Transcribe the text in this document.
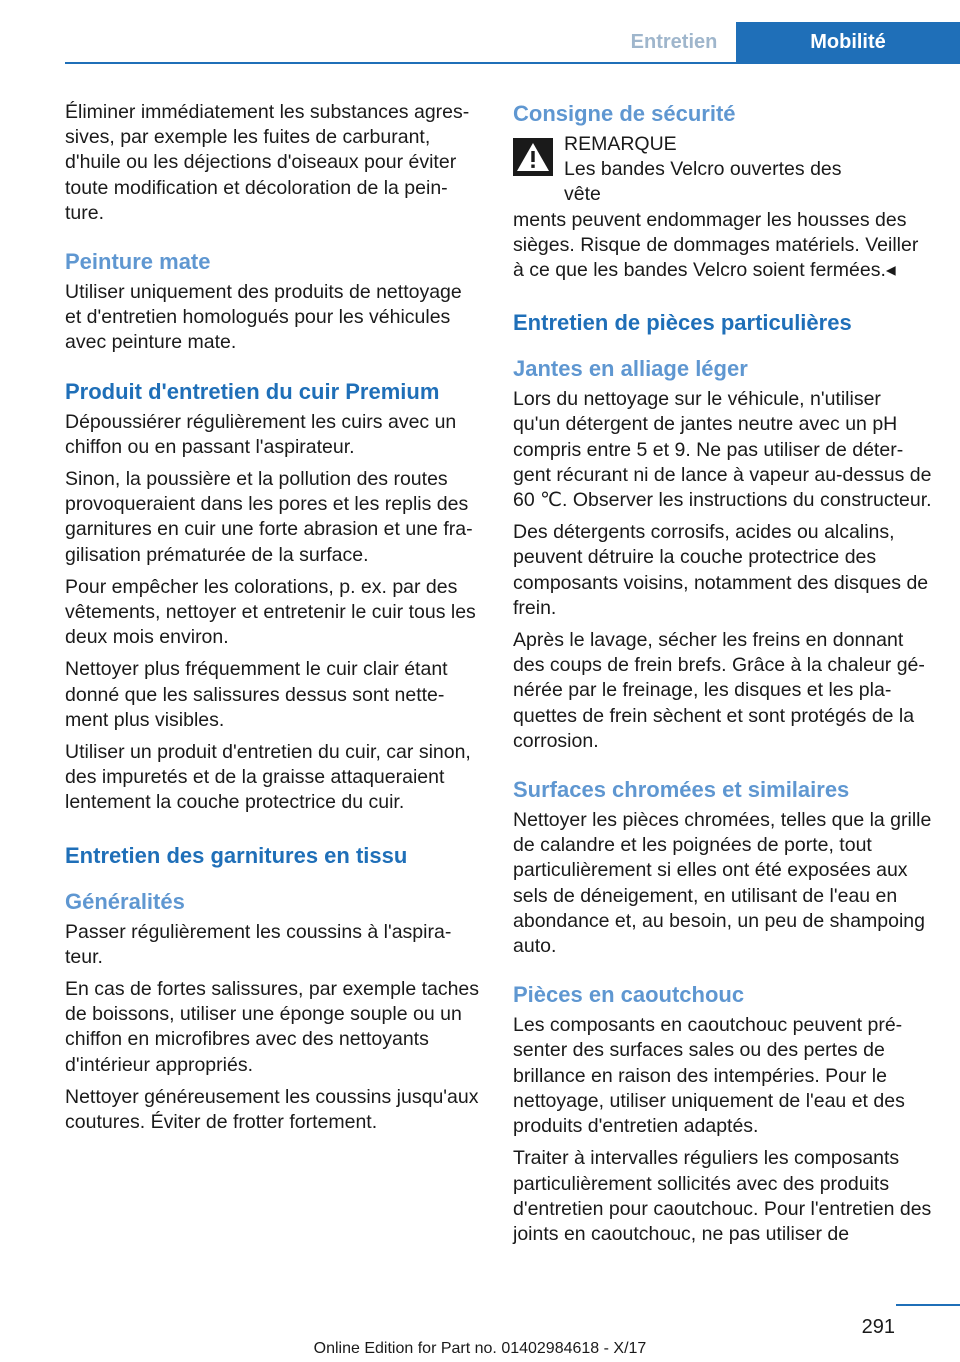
Entretien	Mobilité

Éliminer immédiatement les substances agressives, par exemple les fuites de carburant, d'huile ou les déjections d'oiseaux pour éviter toute modification et décoloration de la peinture.

Peinture mate

Utiliser uniquement des produits de nettoyage et d'entretien homologués pour les véhicules avec peinture mate.

Produit d'entretien du cuir Premium

Dépoussiérer régulièrement les cuirs avec un chiffon ou en passant l'aspirateur.

Sinon, la poussière et la pollution des routes provoqueraient dans les pores et les replis des garnitures en cuir une forte abrasion et une fragilisation prématurée de la surface.

Pour empêcher les colorations, p. ex. par des vêtements, nettoyer et entretenir le cuir tous les deux mois environ.

Nettoyer plus fréquemment le cuir clair étant donné que les salissures dessus sont nettement plus visibles.

Utiliser un produit d'entretien du cuir, car sinon, des impuretés et de la graisse attaqueraient lentement la couche protectrice du cuir.

Entretien des garnitures en tissu
Généralités

Passer régulièrement les coussins à l'aspirateur.

En cas de fortes salissures, par exemple taches de boissons, utiliser une éponge souple ou un chiffon en microfibres avec des nettoyants d'intérieur appropriés.

Nettoyer généreusement les coussins jusqu'aux coutures. Éviter de frotter fortement.

Consigne de sécurité

REMARQUE

Les bandes Velcro ouvertes des vête

ments peuvent endommager les housses des sièges. Risque de dommages matériels. Veiller à ce que les bandes Velcro soient fermées.◂

Entretien de pièces particulières
Jantes en alliage léger

Lors du nettoyage sur le véhicule, n'utiliser qu'un détergent de jantes neutre avec un pH compris entre 5 et 9. Ne pas utiliser de détergent récurant ni de lance à vapeur au-dessus de 60 ℃. Observer les instructions du constructeur.

Des détergents corrosifs, acides ou alcalins, peuvent détruire la couche protectrice des composants voisins, notamment des disques de frein.

Après le lavage, sécher les freins en donnant des coups de frein brefs. Grâce à la chaleur générée par le freinage, les disques et les plaquettes de frein sèchent et sont protégés de la corrosion.

Surfaces chromées et similaires

Nettoyer les pièces chromées, telles que la grille de calandre et les poignées de porte, tout particulièrement si elles ont été exposées aux sels de déneigement, en utilisant de l'eau en abondance et, au besoin, un peu de shampoing auto.

Pièces en caoutchouc

Les composants en caoutchouc peuvent présenter des surfaces sales ou des pertes de brillance en raison des intempéries. Pour le nettoyage, utiliser uniquement de l'eau et des produits d'entretien adaptés.

Traiter à intervalles réguliers les composants particulièrement sollicités avec des produits d'entretien pour caoutchouc. Pour l'entretien des joints en caoutchouc, ne pas utiliser de

291
Online Edition for Part no. 01402984618 - X/17
